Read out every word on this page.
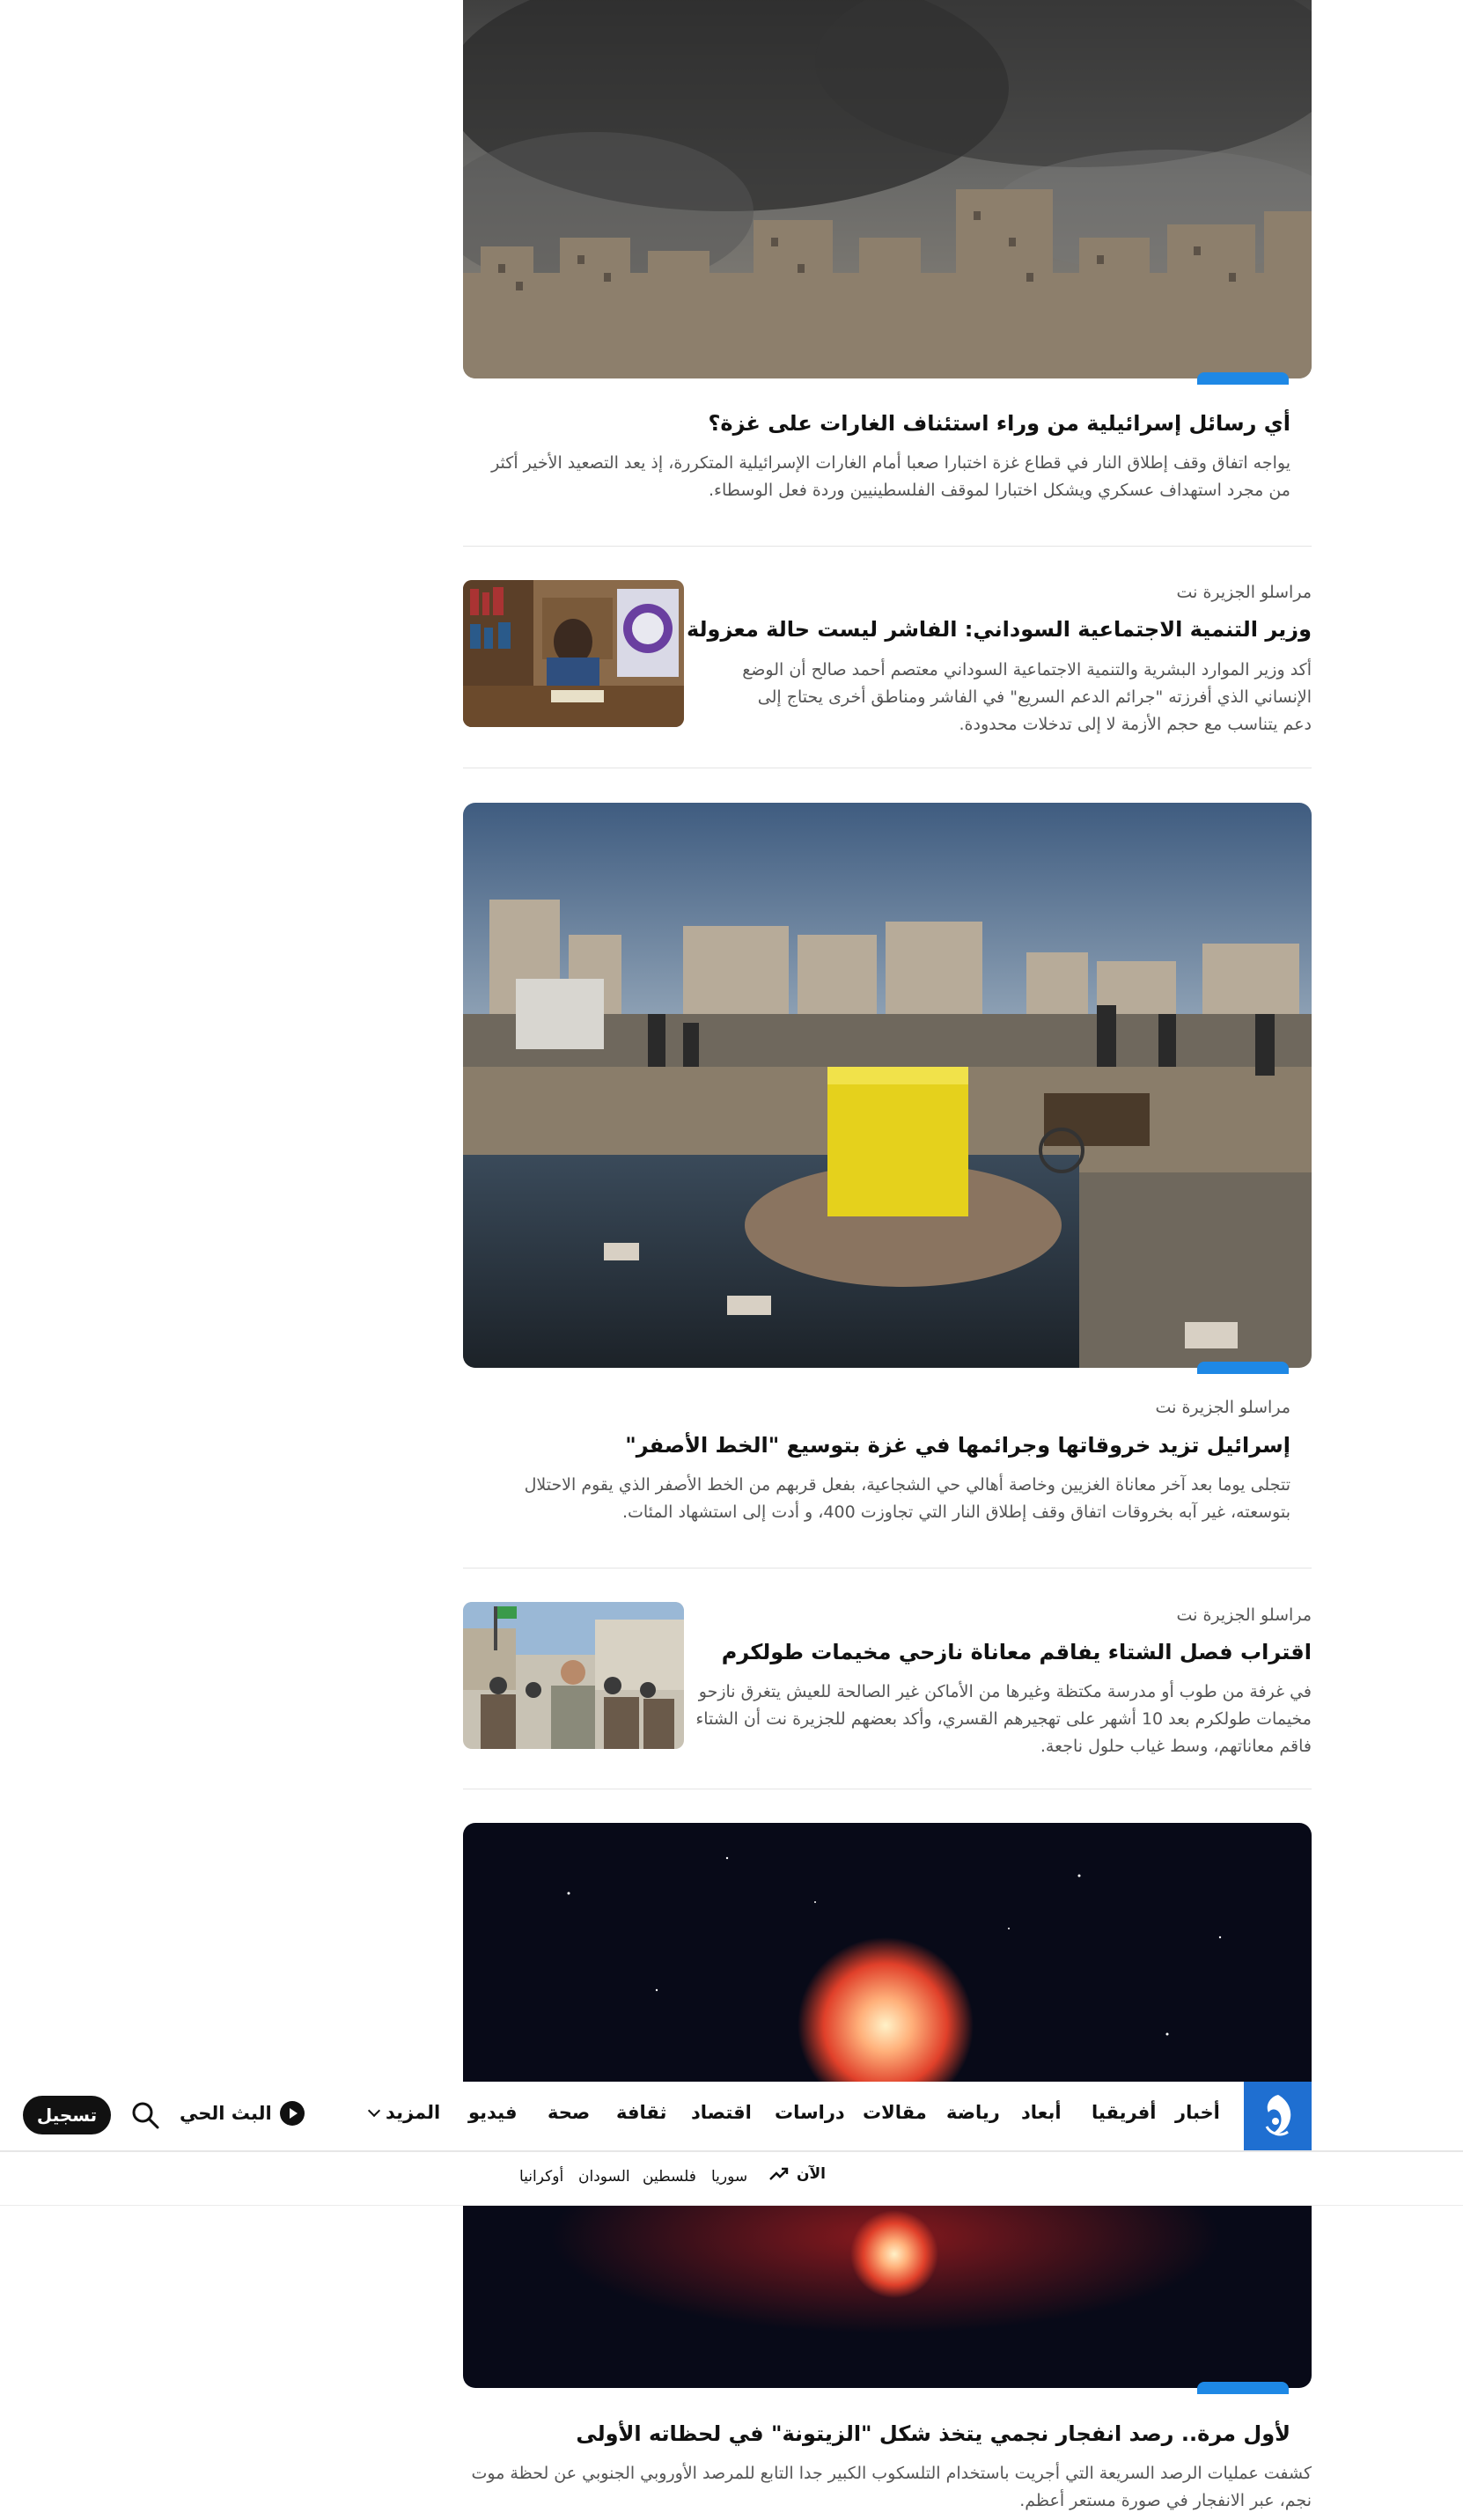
أي رسائل إسرائيلية من وراء استئناف الغارات على غزة؟
يواجه اتفاق وقف إطلاق النار في قطاع غزة اختبارا صعبا أمام الغارات الإسرائيلية المتكررة، إذ يعد التصعيد الأخير أكثر من مجرد استهداف عسكري ويشكل اختبارا لموقف الفلسطينيين وردة فعل الوسطاء.
مراسلو الجزيرة نت
وزير التنمية الاجتماعية السوداني: الفاشر ليست حالة معزولة
أكد وزير الموارد البشرية والتنمية الاجتماعية السوداني معتصم أحمد صالح أن الوضع الإنساني الذي أفرزته "جرائم الدعم السريع" في الفاشر ومناطق أخرى يحتاج إلى دعم يتناسب مع حجم الأزمة لا إلى تدخلات محدودة.
مراسلو الجزيرة نت
إسرائيل تزيد خروقاتها وجرائمها في غزة بتوسيع "الخط الأصفر"
تتجلى يوما بعد آخر معاناة الغزيين وخاصة أهالي حي الشجاعية، بفعل قربهم من الخط الأصفر الذي يقوم الاحتلال بتوسعته، غير آبه بخروقات اتفاق وقف إطلاق النار التي تجاوزت 400، و أدت إلى استشهاد المئات.
مراسلو الجزيرة نت
اقتراب فصل الشتاء يفاقم معاناة نازحي مخيمات طولكرم
في غرفة من طوب أو مدرسة مكتظة وغيرها من الأماكن غير الصالحة للعيش يتغرق نازحو مخيمات طولكرم بعد 10 أشهر على تهجيرهم القسري، وأكد بعضهم للجزيرة نت أن الشتاء فاقم معاناتهم، وسط غياب حلول ناجعة.
لأول مرة.. رصد انفجار نجمي يتخذ شكل "الزيتونة" في لحظاته الأولى
كشفت عمليات الرصد السريعة التي أجريت باستخدام التلسكوب الكبير جدا التابع للمرصد الأوروبي الجنوبي عن لحظة موت نجم، عبر الانفجار في صورة مستعر أعظم.
أخبار
أفريقيا
أبعاد
رياضة
مقالات
دراسات
اقتصاد
ثقافة
صحة
فيديو
المزيد
البث الحي
تسجيل
الآن
سوريا
فلسطين
السودان
أوكرانيا
